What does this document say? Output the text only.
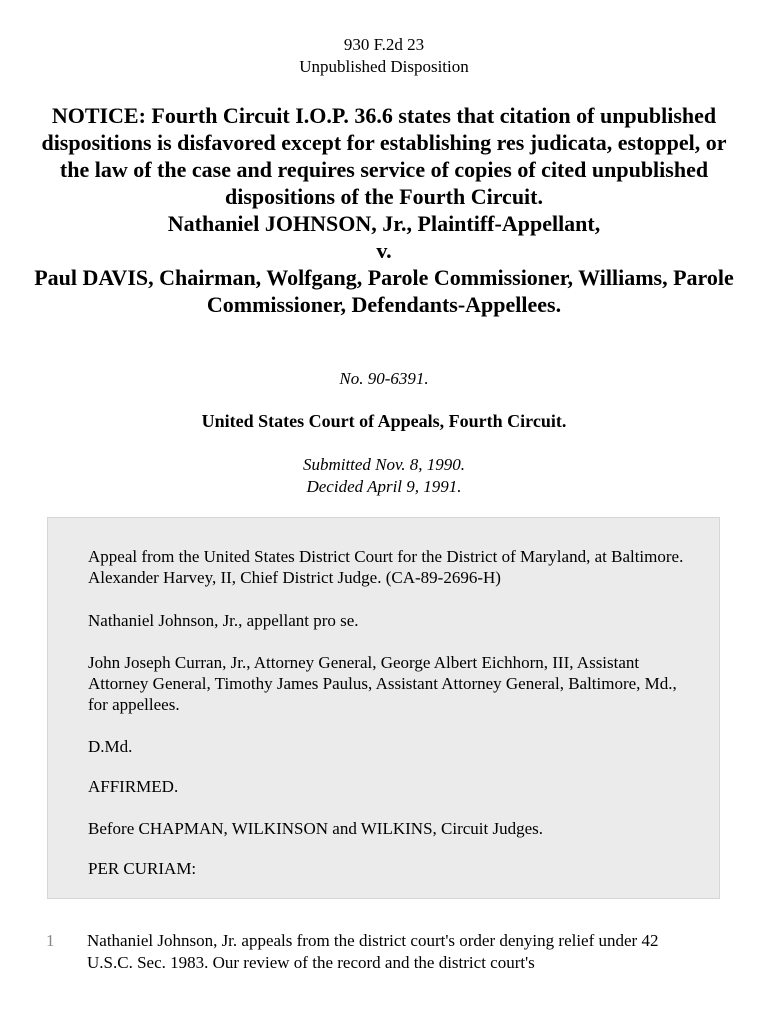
930 F.2d 23
Unpublished Disposition
NOTICE: Fourth Circuit I.O.P. 36.6 states that citation of unpublished dispositions is disfavored except for establishing res judicata, estoppel, or the law of the case and requires service of copies of cited unpublished dispositions of the Fourth Circuit.
Nathaniel JOHNSON, Jr., Plaintiff-Appellant,
v.
Paul DAVIS, Chairman, Wolfgang, Parole Commissioner, Williams, Parole Commissioner, Defendants-Appellees.
No. 90-6391.
United States Court of Appeals, Fourth Circuit.
Submitted Nov. 8, 1990.
Decided April 9, 1991.

Appeal from the United States District Court for the District of Maryland, at Baltimore. Alexander Harvey, II, Chief District Judge. (CA-89-2696-H)

Nathaniel Johnson, Jr., appellant pro se.

John Joseph Curran, Jr., Attorney General, George Albert Eichhorn, III, Assistant Attorney General, Timothy James Paulus, Assistant Attorney General, Baltimore, Md., for appellees.

D.Md.

AFFIRMED.

Before CHAPMAN, WILKINSON and WILKINS, Circuit Judges.

PER CURIAM:

1 Nathaniel Johnson, Jr. appeals from the district court's order denying relief under 42 U.S.C. Sec. 1983. Our review of the record and the district court's
